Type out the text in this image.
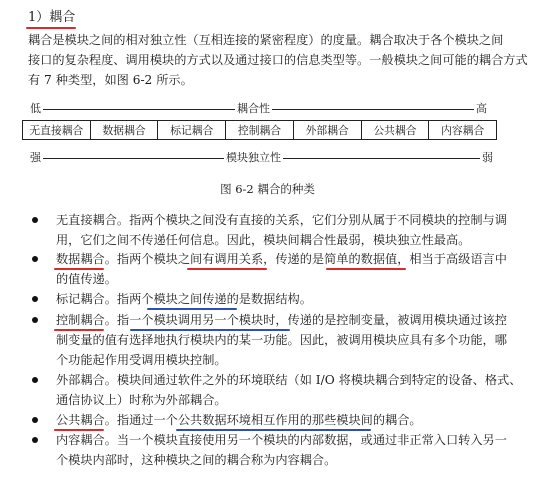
1）耦合
耦合是模块之间的相对独立性（互相连接的紧密程度）的度量。耦合取决于各个模块之间
接口的复杂程度、调用模块的方式以及通过接口的信息类型等。一般模块之间可能的耦合方式
有 7 种类型，如图 6-2 所示。
低	耦合性	高
无直接耦合	数据耦合	标记耦合	控制耦合	外部耦合	公共耦合	内容耦合
强	模块独立性	弱
图 6-2 耦合的种类
无直接耦合。指两个模块之间没有直接的关系，它们分别从属于不同模块的控制与调
用，它们之间不传递任何信息。因此，模块间耦合性最弱，模块独立性最高。
数据耦合。指两个模块之间有调用关系，传递的是简单的数据值，相当于高级语言中
的值传递。
标记耦合。指两个模块之间传递的是数据结构。
控制耦合。指一个模块调用另一个模块时，传递的是控制变量，被调用模块通过该控
制变量的值有选择地执行模块内的某一功能。因此，被调用模块应具有多个功能，哪
个功能起作用受调用模块控制。
外部耦合。模块间通过软件之外的环境联结（如 I/O 将模块耦合到特定的设备、格式、
通信协议上）时称为外部耦合。
公共耦合。指通过一个公共数据环境相互作用的那些模块间的耦合。
内容耦合。当一个模块直接使用另一个模块的内部数据，或通过非正常入口转入另一
个模块内部时，这种模块之间的耦合称为内容耦合。
